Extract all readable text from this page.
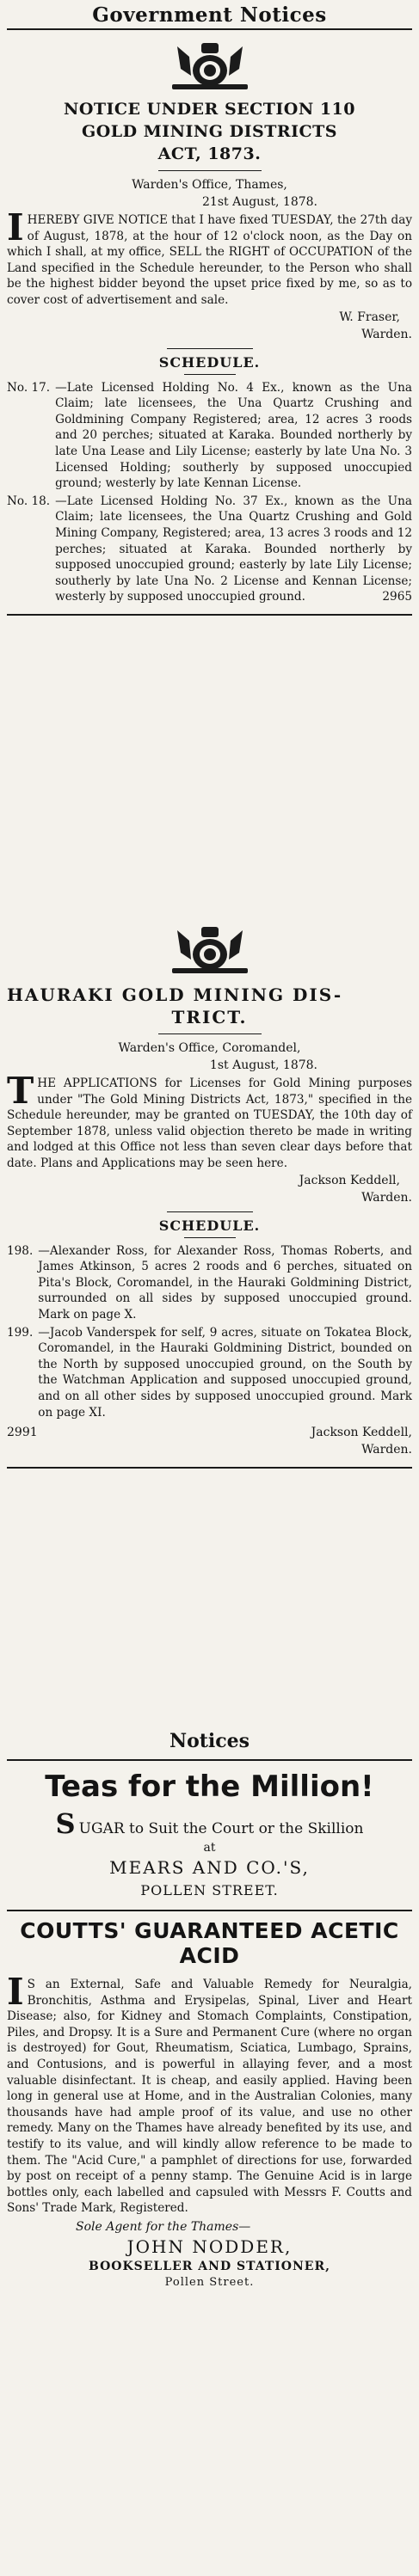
Government Notices

NOTICE UNDER SECTION 110

GOLD MINING DISTRICTS

ACT, 1873.

Warden's Office, Thames,

21st August, 1878.

IHEREBY GIVE NOTICE that I have fixed TUESDAY, the 27th day of August, 1878, at the hour of 12 o'clock noon, as the Day on which I shall, at my office, SELL the RIGHT of OCCUPATION of the Land specified in the Schedule hereunder, to the Person who shall be the highest bidder beyond the upset price fixed by me, so as to cover cost of advertisement and sale.

W. Fraser,

Warden.

SCHEDULE.

No. 17. —Late Licensed Holding No. 4 Ex., known as the Una Claim; late licensees, the Una Quartz Crushing and Goldmining Company Registered; area, 12 acres 3 roods and 20 perches; situated at Karaka. Bounded northerly by late Una Lease and Lily License; easterly by late Una No. 3 Licensed Holding; southerly by supposed unoccupied ground; westerly by late Kennan License.
No. 18. —Late Licensed Holding No. 37 Ex., known as the Una Claim; late licensees, the Una Quartz Crushing and Gold Mining Company, Registered; area, 13 acres 3 roods and 12 perches; situated at Karaka. Bounded northerly by supposed unoccupied ground; easterly by late Lily License; southerly by late Una No. 2 License and Kennan License; westerly by supposed unoccupied ground.	2965

HAURAKI GOLD MINING DIS-

TRICT.

Warden's Office, Coromandel,

1st August, 1878.

THE APPLICATIONS for Licenses for Gold Mining purposes under "The Gold Mining Districts Act, 1873," specified in the Schedule hereunder, may be granted on TUESDAY, the 10th day of September 1878, unless valid objection thereto be made in writing and lodged at this Office not less than seven clear days before that date. Plans and Applications may be seen here.

Jackson Keddell,

Warden.

SCHEDULE.

198. —Alexander Ross, for Alexander Ross, Thomas Roberts, and James Atkinson, 5 acres 2 roods and 6 perches, situated on Pita's Block, Coromandel, in the Hauraki Goldmining District, surrounded on all sides by supposed unoccupied ground. Mark on page X.
199. —Jacob Vanderspek for self, 9 acres, situate on Tokatea Block, Coromandel, in the Hauraki Goldmining District, bounded on the North by supposed unoccupied ground, on the South by the Watchman Application and supposed unoccupied ground, and on all other sides by supposed unoccupied ground. Mark on page XI.
2991	Jackson Keddell,
Warden.
Notices

Teas for the Million!

SUGAR to Suit the Court or the Skillion

at

MEARS AND CO.'S,

POLLEN STREET.

COUTTS' GUARANTEED ACETIC ACID

I S an External, Safe and Valuable Remedy for Neuralgia, Bronchitis, Asthma and Erysipelas, Spinal, Liver and Heart Disease; also, for Kidney and Stomach Complaints, Constipation, Piles, and Dropsy. It is a Sure and Permanent Cure (where no organ is destroyed) for Gout, Rheumatism, Sciatica, Lumbago, Sprains, and Contusions, and is powerful in allaying fever, and a most valuable disinfectant. It is cheap, and easily applied. Having been long in general use at Home, and in the Australian Colonies, many thousands have had ample proof of its value, and use no other remedy. Many on the Thames have already benefited by its use, and testify to its value, and will kindly allow reference to be made to them. The "Acid Cure," a pamphlet of directions for use, forwarded by post on receipt of a penny stamp. The Genuine Acid is in large bottles only, each labelled and capsuled with Messrs F. Coutts and Sons' Trade Mark, Registered.

Sole Agent for the Thames—

JOHN NODDER,

BOOKSELLER AND STATIONER,

Pollen Street.
